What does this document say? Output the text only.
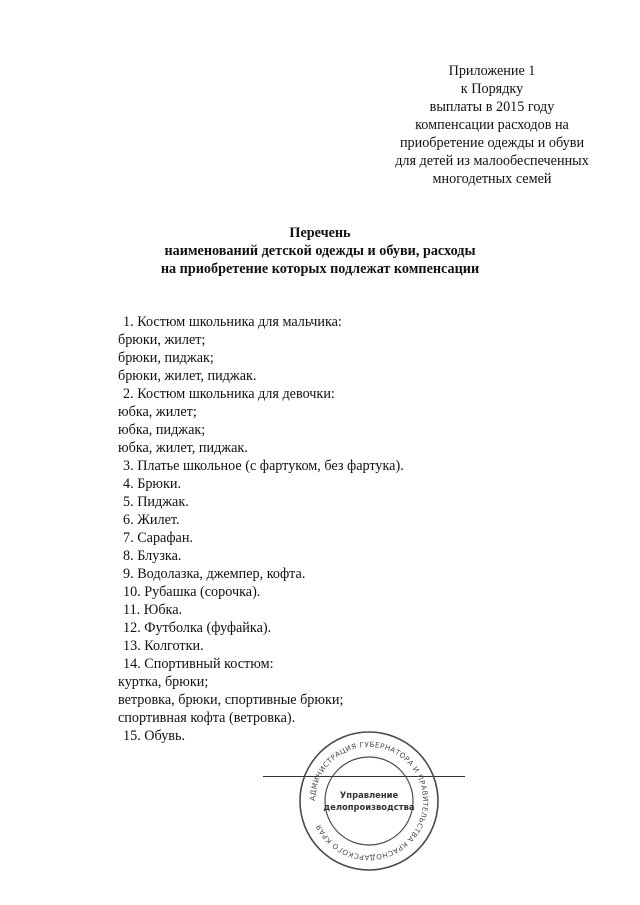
Приложение 1
к Порядку
выплаты в 2015 году
компенсации расходов на
приобретение одежды и обуви
для детей из малообеспеченных
многодетных семей
Перечень
наименований детской одежды и обуви, расходы
на приобретение которых подлежат компенсации
1. Костюм школьника для мальчика:
брюки, жилет;
брюки, пиджак;
брюки, жилет, пиджак.
2. Костюм школьника для девочки:
юбка, жилет;
юбка, пиджак;
юбка, жилет, пиджак.
3. Платье школьное (с фартуком, без фартука).
4. Брюки.
5. Пиджак.
6. Жилет.
7. Сарафан.
8. Блузка.
9. Водолазка, джемпер, кофта.
10. Рубашка (сорочка).
11. Юбка.
12. Футболка (фуфайка).
13. Колготки.
14. Спортивный костюм:
куртка, брюки;
ветровка, брюки, спортивные брюки;
спортивная кофта (ветровка).
15. Обувь.
АДМИНИСТРАЦИЯ ГУБЕРНАТОРА И ПРАВИТЕЛЬСТВА КРАСНОДАРСКОГО КРАЯ
Управление
делопроизводства
